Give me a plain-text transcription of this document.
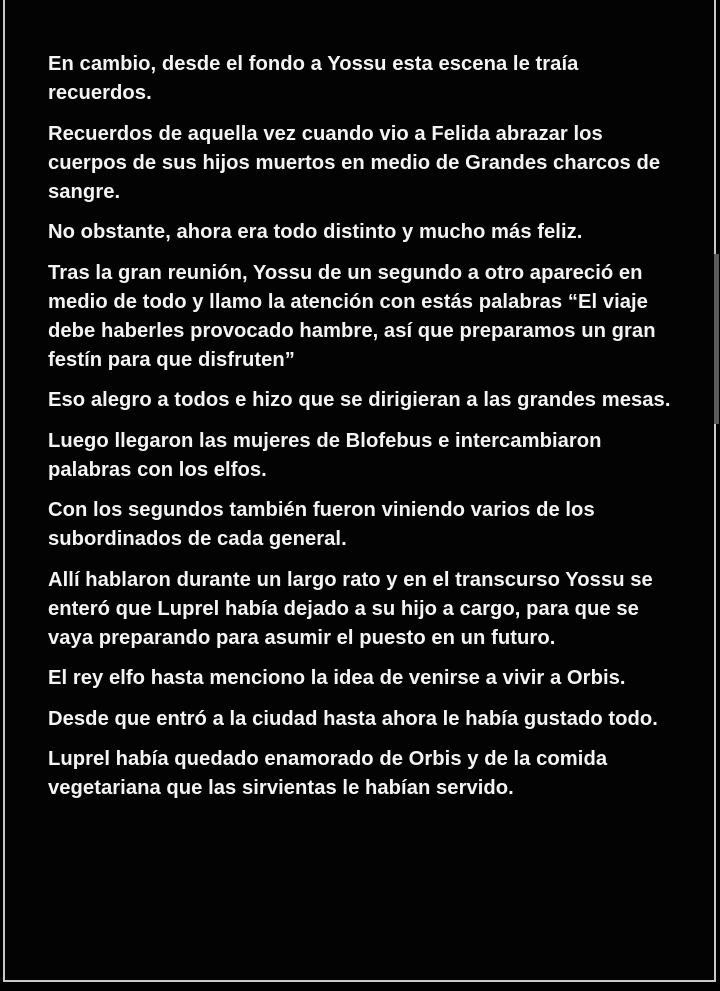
En cambio, desde el fondo a Yossu esta escena le traía recuerdos.

Recuerdos de aquella vez cuando vio a Felida abrazar los cuerpos de sus hijos muertos en medio de Grandes charcos de sangre.

No obstante, ahora era todo distinto y mucho más feliz.

Tras la gran reunión, Yossu de un segundo a otro apareció en medio de todo y llamo la atención con estás palabras “El viaje debe haberles provocado hambre, así que preparamos un gran festín para que disfruten”

Eso alegro a todos e hizo que se dirigieran a las grandes mesas.

Luego llegaron las mujeres de Blofebus e intercambiaron palabras con los elfos.

Con los segundos también fueron viniendo varios de los subordinados de cada general.

Allí hablaron durante un largo rato y en el transcurso Yossu se enteró que Luprel había dejado a su hijo a cargo, para que se vaya preparando para asumir el puesto en un futuro.

El rey elfo hasta menciono la idea de venirse a vivir a Orbis.

Desde que entró a la ciudad hasta ahora le había gustado todo.

Luprel había quedado enamorado de Orbis y de la comida vegetariana que las sirvientas le habían servido.
